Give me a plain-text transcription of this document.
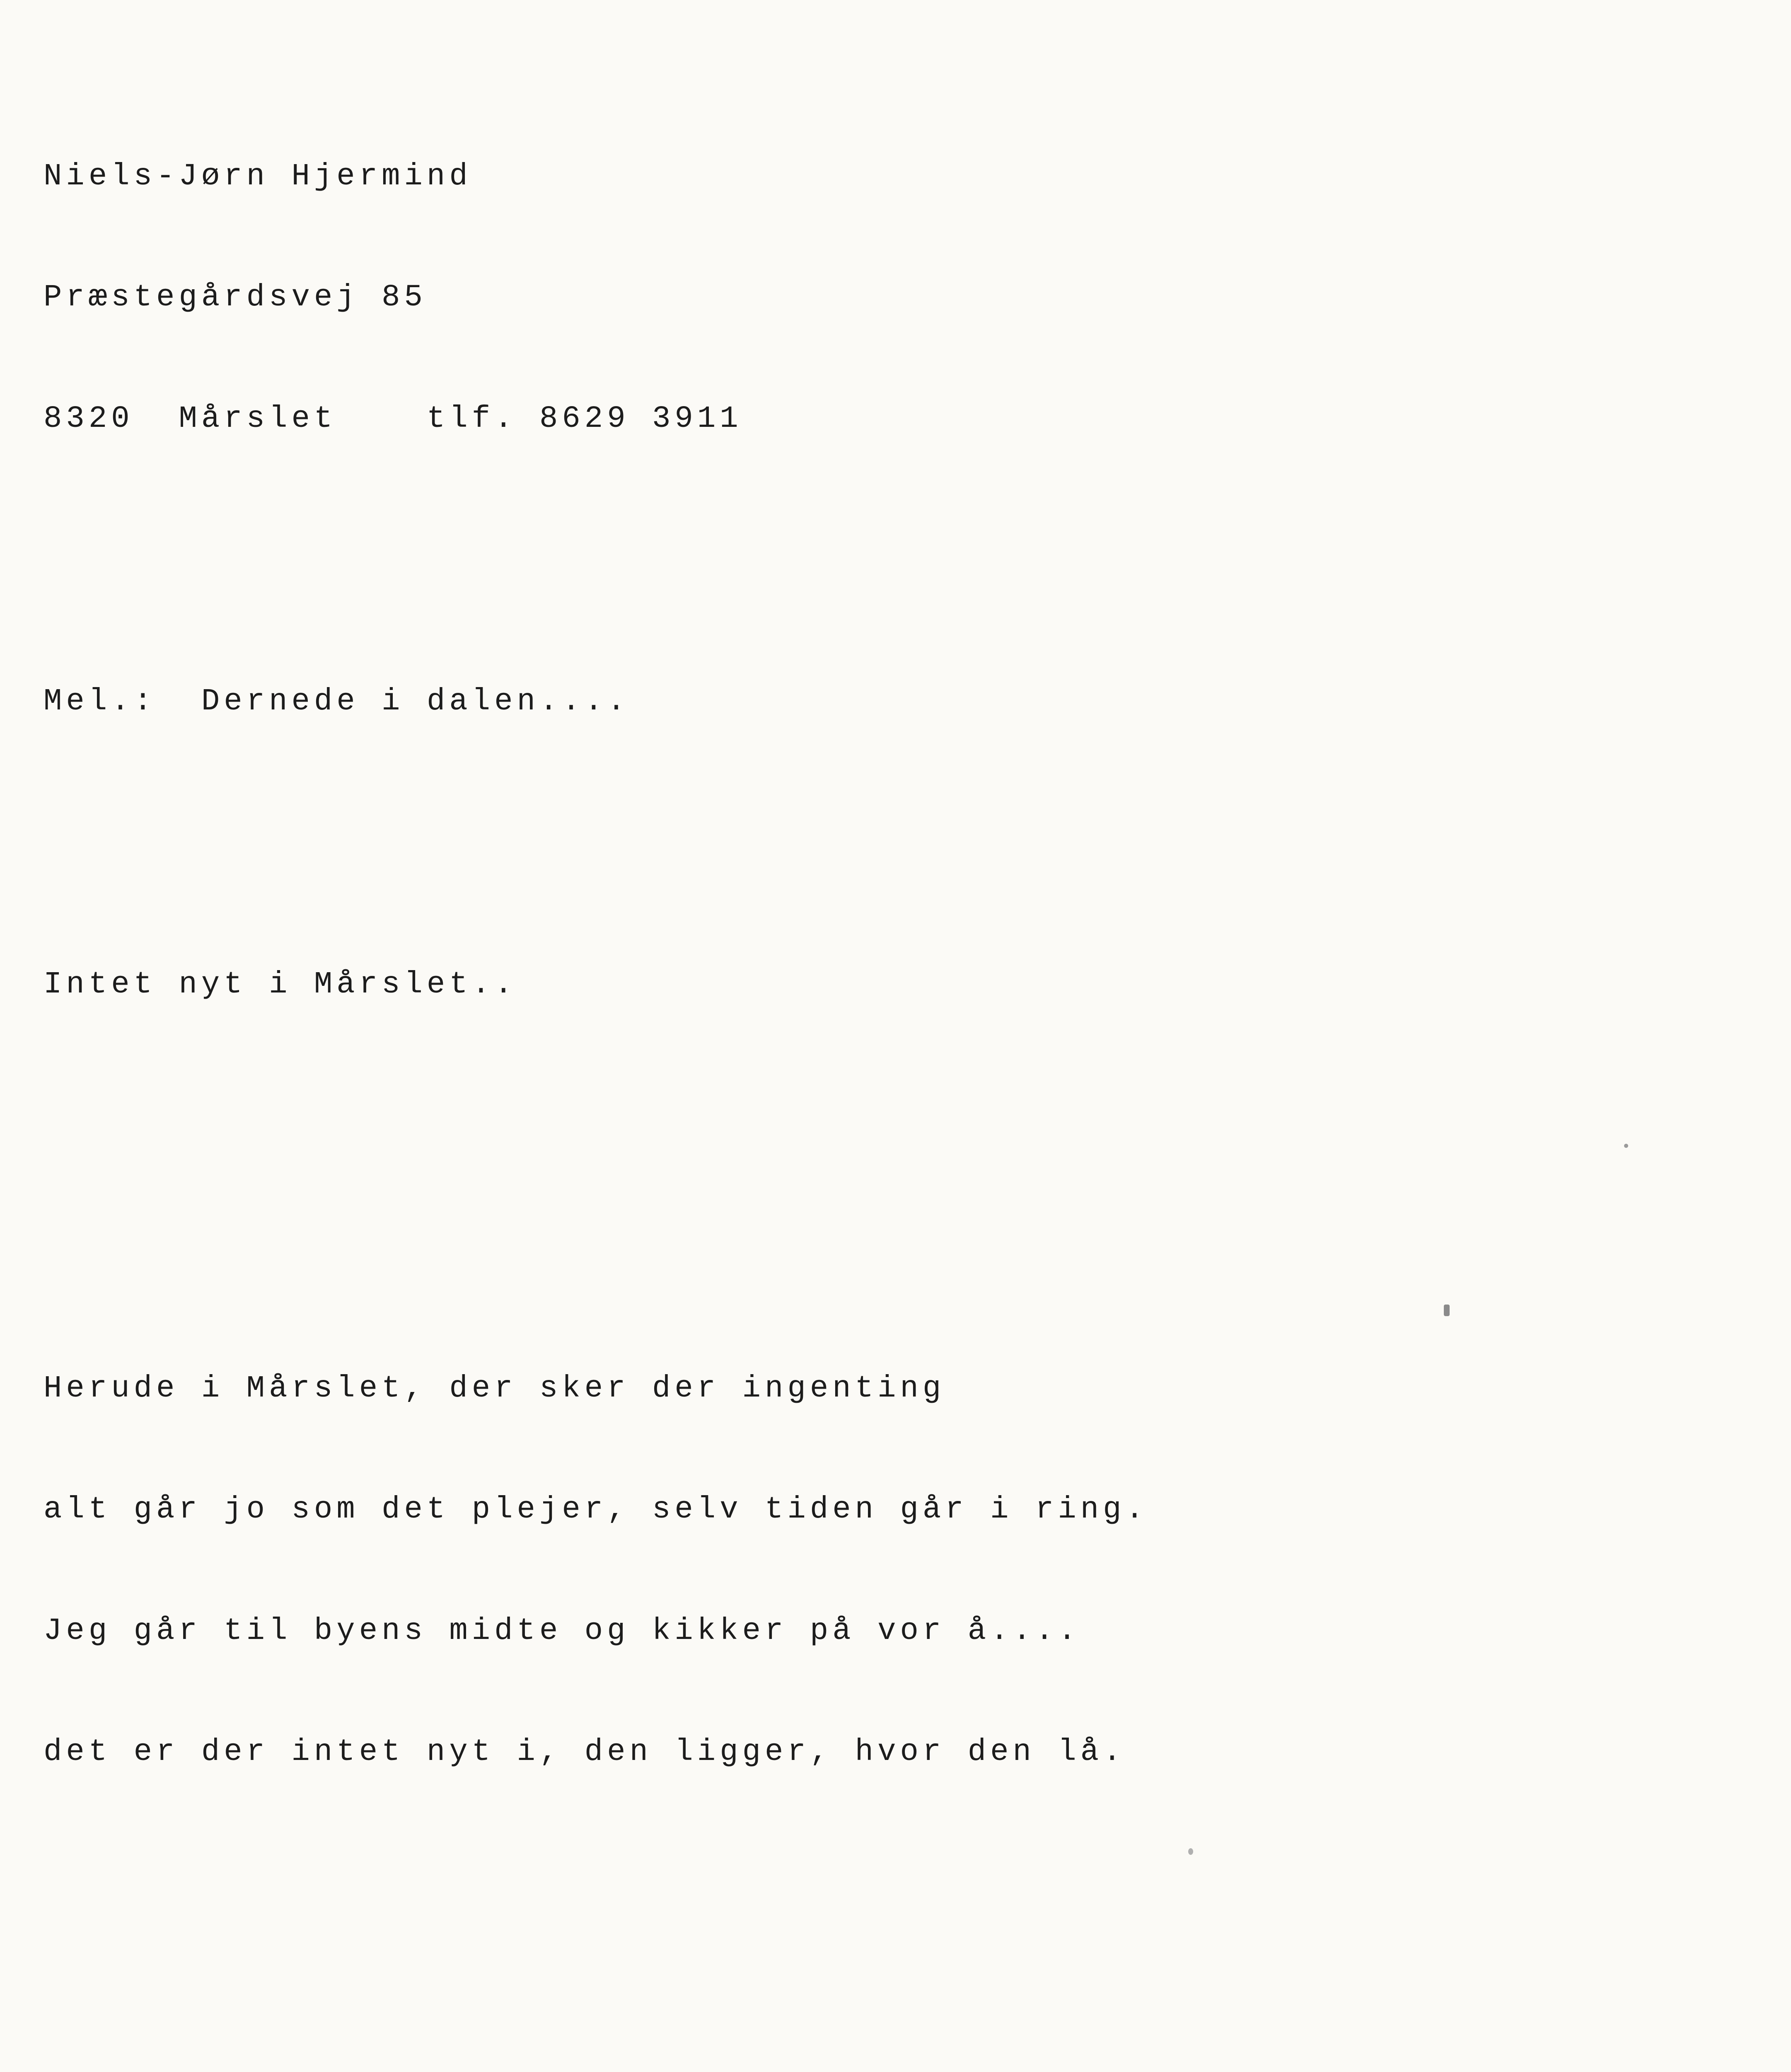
Niels-Jørn Hjermind

Præstegårdsvej 85

8320  Mårslet	tlf. 8629 3911

Mel.: Dernede i dalen....

Intet nyt i Mårslet..

Herude i Mårslet, der sker der ingenting

alt går jo som det plejer, selv tiden går i ring.

Jeg går til byens midte og kikker på vor å....

det er der intet nyt i, den ligger, hvor den lå.
